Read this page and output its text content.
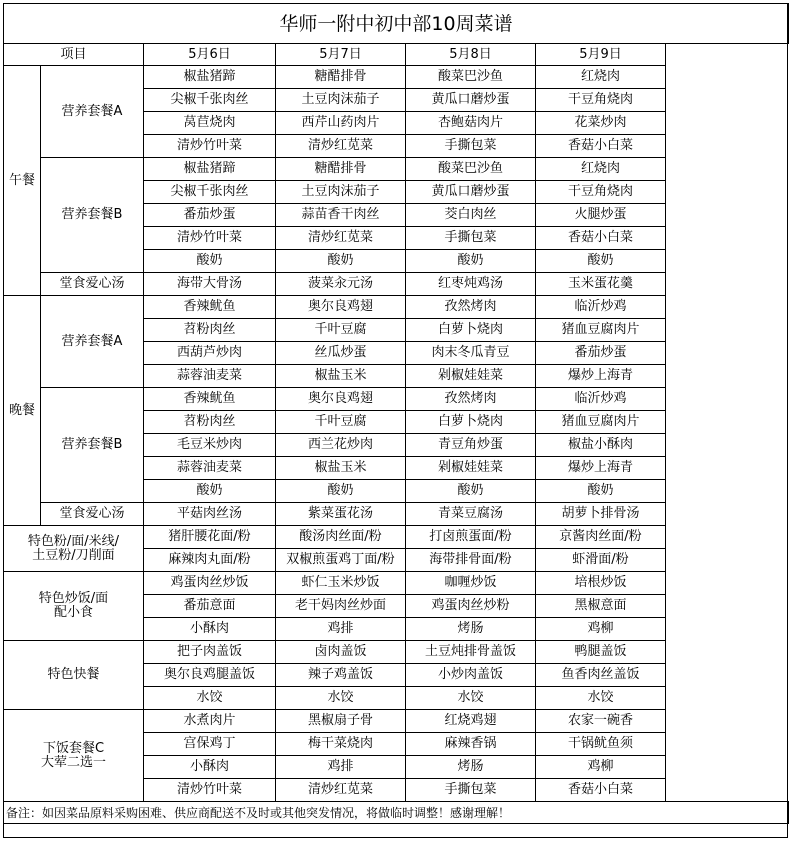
华师一附中初中部10周菜谱					
项目		5月6日	5月7日	5月8日	5月9日
午餐	营养套餐A	椒盐猪蹄	糖醋排骨	酸菜巴沙鱼	红烧肉
		尖椒千张肉丝	土豆肉沫茄子	黄瓜口蘑炒蛋	干豆角烧肉
		莴苣烧肉	西芹山药肉片	杏鲍菇肉片	花菜炒肉
		清炒竹叶菜	清炒红苋菜	手撕包菜	香菇小白菜
	营养套餐B	椒盐猪蹄	糖醋排骨	酸菜巴沙鱼	红烧肉
		尖椒千张肉丝	土豆肉沫茄子	黄瓜口蘑炒蛋	干豆角烧肉
		番茄炒蛋	蒜苗香干肉丝	茭白肉丝	火腿炒蛋
		清炒竹叶菜	清炒红苋菜	手撕包菜	香菇小白菜
		酸奶	酸奶	酸奶	酸奶
	堂食爱心汤	海带大骨汤	菠菜汆元汤	红枣炖鸡汤	玉米蛋花羹
晚餐	营养套餐A	香辣鱿鱼	奥尔良鸡翅	孜然烤肉	临沂炒鸡
		苕粉肉丝	千叶豆腐	白萝卜烧肉	猪血豆腐肉片
		西葫芦炒肉	丝瓜炒蛋	肉末冬瓜青豆	番茄炒蛋
		蒜蓉油麦菜	椒盐玉米	剁椒娃娃菜	爆炒上海青
	营养套餐B	香辣鱿鱼	奥尔良鸡翅	孜然烤肉	临沂炒鸡
		苕粉肉丝	千叶豆腐	白萝卜烧肉	猪血豆腐肉片
		毛豆米炒肉	西兰花炒肉	青豆角炒蛋	椒盐小酥肉
		蒜蓉油麦菜	椒盐玉米	剁椒娃娃菜	爆炒上海青
		酸奶	酸奶	酸奶	酸奶
	堂食爱心汤	平菇肉丝汤	紫菜蛋花汤	青菜豆腐汤	胡萝卜排骨汤

特色粉/面/米线/
土豆粉/刀削面		猪肝腰花面/粉	酸汤肉丝面/粉	打卤煎蛋面/粉	京酱肉丝面/粉
		麻辣肉丸面/粉	双椒煎蛋鸡丁面/粉	海带排骨面/粉	虾滑面/粉

特色炒饭/面
配小食		鸡蛋肉丝炒饭	虾仁玉米炒饭	咖喱炒饭	培根炒饭
		番茄意面	老干妈肉丝炒面	鸡蛋肉丝炒粉	黑椒意面
		小酥肉	鸡排	烤肠	鸡柳
特色快餐		把子肉盖饭	卤肉盖饭	土豆炖排骨盖饭	鸭腿盖饭
		奥尔良鸡腿盖饭	辣子鸡盖饭	小炒肉盖饭	鱼香肉丝盖饭
		水饺	水饺	水饺	水饺

下饭套餐C
大荤二选一		水煮肉片	黑椒扇子骨	红烧鸡翅	农家一碗香
		宫保鸡丁	梅干菜烧肉	麻辣香锅	干锅鱿鱼须
		小酥肉	鸡排	烤肠	鸡柳
		清炒竹叶菜	清炒红苋菜	手撕包菜	香菇小白菜
备注：如因菜品原料采购困难、供应商配送不及时或其他突发情况，将做临时调整！感谢理解！					
